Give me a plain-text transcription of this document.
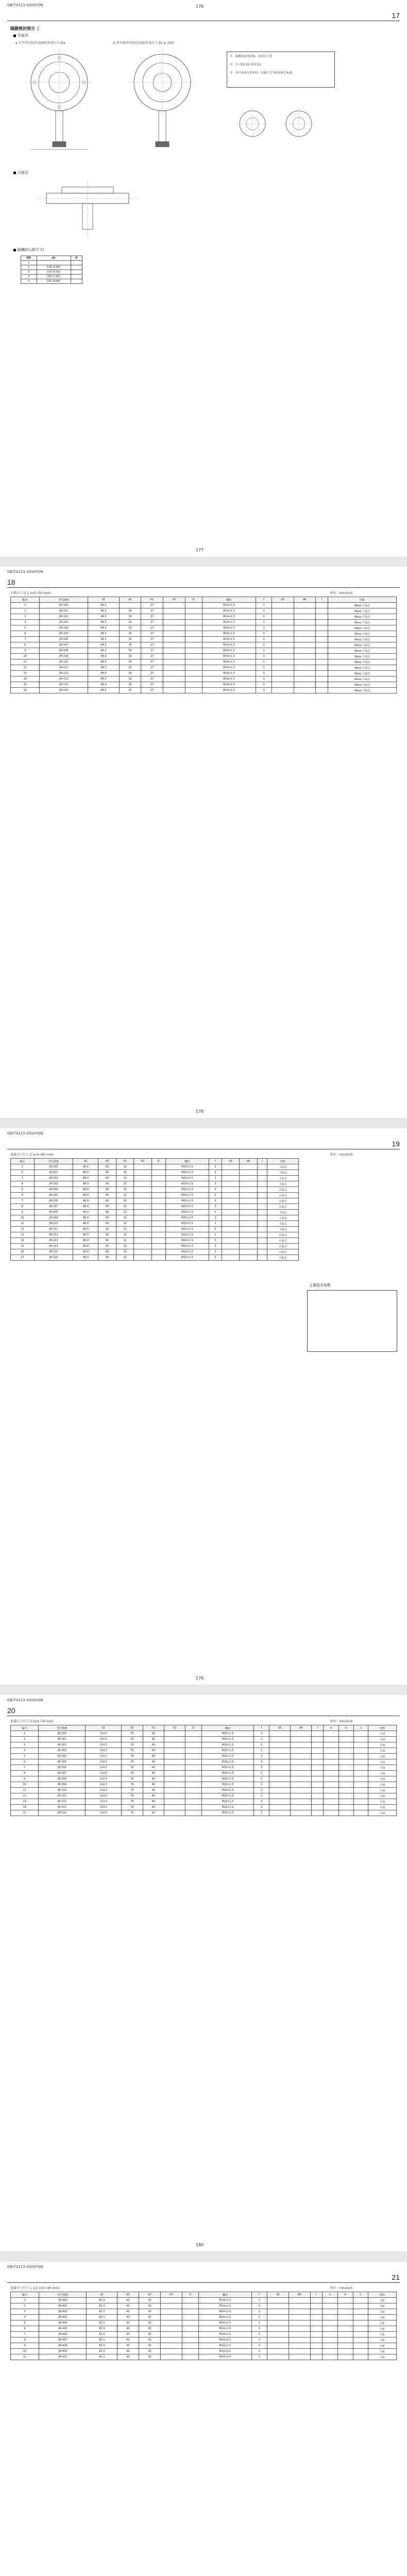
GB/T4123-4304YON	176
17
隔膜密封部分（
平面式
a 主平冲压的/内表面的外径尺寸 D≥	b 其平面冲压的/内表面外径尺寸 d1 ≤ 150/
注：隔膜密封的结构，密封压力等
注：尺寸D1 D2 参见表1
注：其平面冲压的外径、结构尺寸等参见相关标准
凸面式
隔膜的公称尺寸(
DN	d1	D
1		
2	100 (4.00)	
3	150 (5.91)	
4	200 (7.87)	
5	250 (9.84)	
177
GB/T4123-4304YON
18
公称尺寸 D 1 inch (50 mm)	单位：mm/inch
编号	型号规格	d1	d2	h1	h2	D	螺纹	f	d3	d4	l	结构
1	JM-100	48.3		27			M14×1.5	3				Metal 平面式
2	JM-101	48.3	30	27			M14×1.5	3				Metal 平面式
3	JM-102	48.3	30	27			M14×1.5	3				Metal 平面式
4	JM-103	48.3	30	27			M14×1.5	3				Metal 平面式
5	JM-104	48.3	30	27			M14×1.5	3				Metal 凸面式
6	JM-105	48.3	30	27			M14×1.5	3				Metal 凸面式
7	JM-106	48.3	30	27			M14×1.5	3				Metal 凸面式
8	JM-107	48.3	30	27			M14×1.5	3				Metal 凸面式
9	JM-108	48.3	30	27			M14×1.5	3				Metal 平面式
10	JM-109	48.3	30	27			M14×1.5	3				Metal 平面式
11	JM-110	48.3	30	27			M14×1.5	3				Metal 平面式
12	JM-111	48.3	30	27			M14×1.5	3				Metal 平面式
13	JM-112	48.3	30	27			M14×1.5	3				Metal 凸面式
14	JM-113	48.3	30	27			M14×1.5	3				Metal 凸面式
15	JM-114	48.3	30	27			M14×1.5	3				Metal 凸面式
16	JM-115	48.3	30	27			M14×1.5	3				Metal 凸面式
178
GB/T4123-4304YON
19
连接尺寸尺寸 2 inch (80 mm)	单位：mm/inch
编号	型号规格	d1	d2	h1	h2	D	螺纹	f	d3	d4	l	结构
1	JM-200	88.9	60	32			M20×1.5	3				平面式
2	JM-201	88.9	60	32			M20×1.5	3				平面式
3	JM-202	88.9	60	32			M20×1.5	3				平面式
4	JM-203	88.9	60	32			M20×1.5	3				平面式
5	JM-204	88.9	60	32			M20×1.5	3				凸面式
6	JM-205	88.9	60	32			M20×1.5	3				凸面式
7	JM-206	88.9	60	32			M20×1.5	3				凸面式
8	JM-207	88.9	60	32			M20×1.5	3				凸面式
9	JM-208	88.9	60	32			M20×1.5	3				平面式
10	JM-209	88.9	60	32			M20×1.5	3				平面式
11	JM-210	88.9	60	32			M20×1.5	3				平面式
12	JM-211	88.9	60	32			M20×1.5	3				平面式
13	JM-212	88.9	60	32			M20×1.5	3				凸面式
14	JM-213	88.9	60	32			M20×1.5	3				凸面式
15	JM-214	88.9	60	32			M20×1.5	3				凸面式
16	JM-215	88.9	60	32			M20×1.5	3				凸面式
17	JM-216	88.9	60	32			M20×1.5	3				凸面式
主要技术参数
179
GB/T4123-4304YON
20
连接尺寸尺寸 3 inch (76 mm)	单位：mm/inch
编号	型号规格	d1	d2	h1	h2	D	螺纹	f	d3	d4	l	a	b	c	结构
1	JM-300	114.3	76	40			M20×1.5	3							平面
2	JM-301	114.3	76	40			M20×1.5	3							平面
3	JM-302	114.3	76	40			M20×1.5	3							平面
4	JM-303	114.3	76	40			M20×1.5	3							凸面
5	JM-304	114.3	76	40			M20×1.5	3							凸面
6	JM-305	114.3	76	40			M20×1.5	3							凸面
7	JM-306	114.3	76	40			M20×1.5	3							平面
8	JM-307	114.3	76	40			M20×1.5	3							平面
9	JM-308	114.3	76	40			M20×1.5	3							平面
10	JM-309	114.3	76	40			M20×1.5	3							凸面
11	JM-310	114.3	76	40			M20×1.5	3							凸面
12	JM-311	114.3	76	40			M20×1.5	3							凸面
13	JM-312	114.3	76	40			M20×1.5	3							平面
14	JM-313	114.3	76	40			M20×1.5	3							平面
15	JM-314	114.3	76	40			M20×1.5	3							凸面
180
GB/T4123-4304YON
21
连接尺寸尺寸 1 1/2 inch (40 mm)	单位：mm/inch
编号	型号规格	d1	d2	h1	h2	D	螺纹	f	d3	d4	l	a	b	c	结构
1	JM-400	60.3	40	30			M14×1.5	3							平面
2	JM-401	60.3	40	30			M14×1.5	3							平面
3	JM-402	60.3	40	30			M14×1.5	3							平面
4	JM-403	60.3	40	30			M14×1.5	3							凸面
5	JM-404	60.3	40	30			M14×1.5	3							凸面
6	JM-405	60.3	40	30			M14×1.5	3							凸面
7	JM-406	60.3	40	30			M14×1.5	3							平面
8	JM-407	60.3	40	30			M14×1.5	3							平面
9	JM-408	60.3	40	30			M14×1.5	3							凸面
10	JM-409	60.3	40	30			M14×1.5	3							凸面
11	JM-410	60.3	40	30			M14×1.5	3							平面
